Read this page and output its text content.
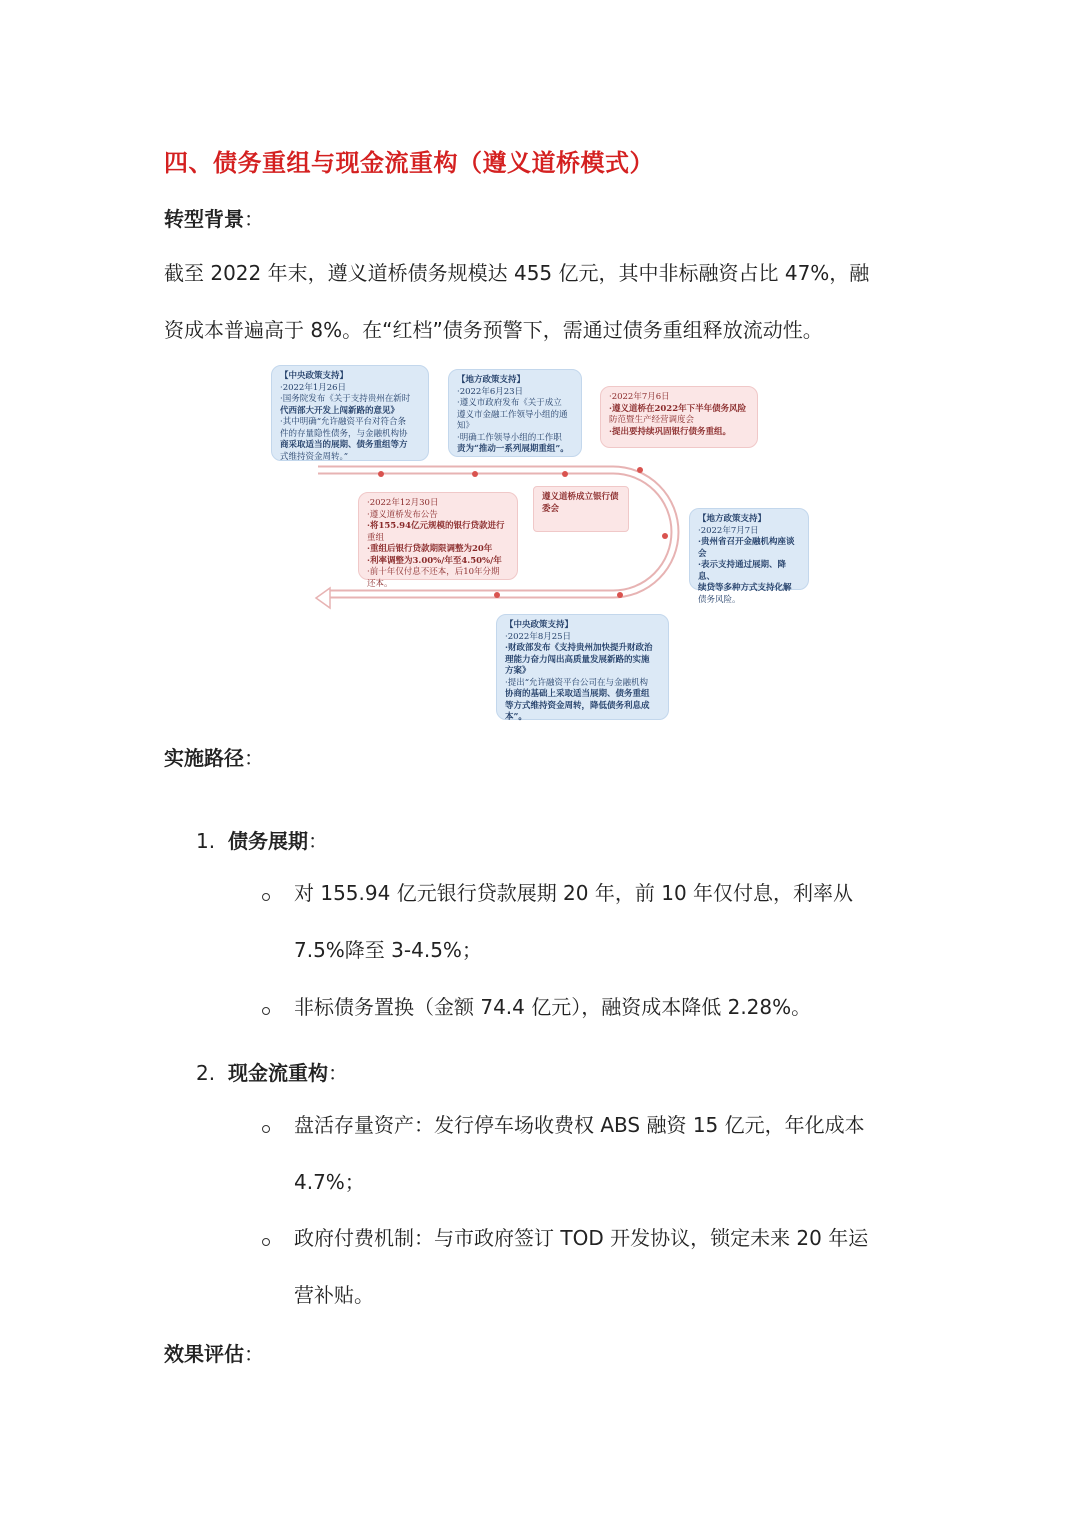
四、债务重组与现金流重构（遵义道桥模式）
转型背景：
截至 2022 年末，遵义道桥债务规模达 455 亿元，其中非标融资占比 47%，融
资成本普遍高于 8%。在“红档”债务预警下，需通过债务重组释放流动性。
【中央政策支持】
·2022年1月26日
·国务院发布《关于支持贵州在新时
代西部大开发上闯新路的意见》
·其中明确“允许融资平台对符合条
件的存量隐性债务，与金融机构协
商采取适当的展期、债务重组等方
式维持资金周转。”
【地方政策支持】
·2022年6月23日
·遵义市政府发布《关于成立
遵义市金融工作领导小组的通
知》
·明确工作领导小组的工作职
责为“推动一系列展期重组”。
·2022年7月6日
·遵义道桥在2022年下半年债务风险
防范暨生产经营调度会
·提出要持续巩固银行债务重组。
遵义道桥成立银行债
委会
·2022年12月30日
·遵义道桥发布公告
·将155.94亿元规模的银行贷款进行
重组
·重组后银行贷款期限调整为20年
·利率调整为3.00%/年至4.50%/年
·前十年仅付息不还本，后10年分期
还本。
【地方政策支持】
·2022年7月7日
·贵州省召开金融机构座谈
会
·表示支持通过展期、降息、
续贷等多种方式支持化解
债务风险。
【中央政策支持】
·2022年8月25日
·财政部发布《支持贵州加快提升财政治
理能力奋力闯出高质量发展新路的实施
方案》
·提出“允许融资平台公司在与金融机构
协商的基础上采取适当展期、债务重组
等方式维持资金周转，降低债务利息成
本”。
实施路径：
1. 债务展期：
对 155.94 亿元银行贷款展期 20 年，前 10 年仅付息，利率从
7.5%降至 3-4.5%；
非标债务置换（金额 74.4 亿元），融资成本降低 2.28%。
2. 现金流重构：
盘活存量资产：发行停车场收费权 ABS 融资 15 亿元，年化成本
4.7%；
政府付费机制：与市政府签订 TOD 开发协议，锁定未来 20 年运
营补贴。
效果评估：
